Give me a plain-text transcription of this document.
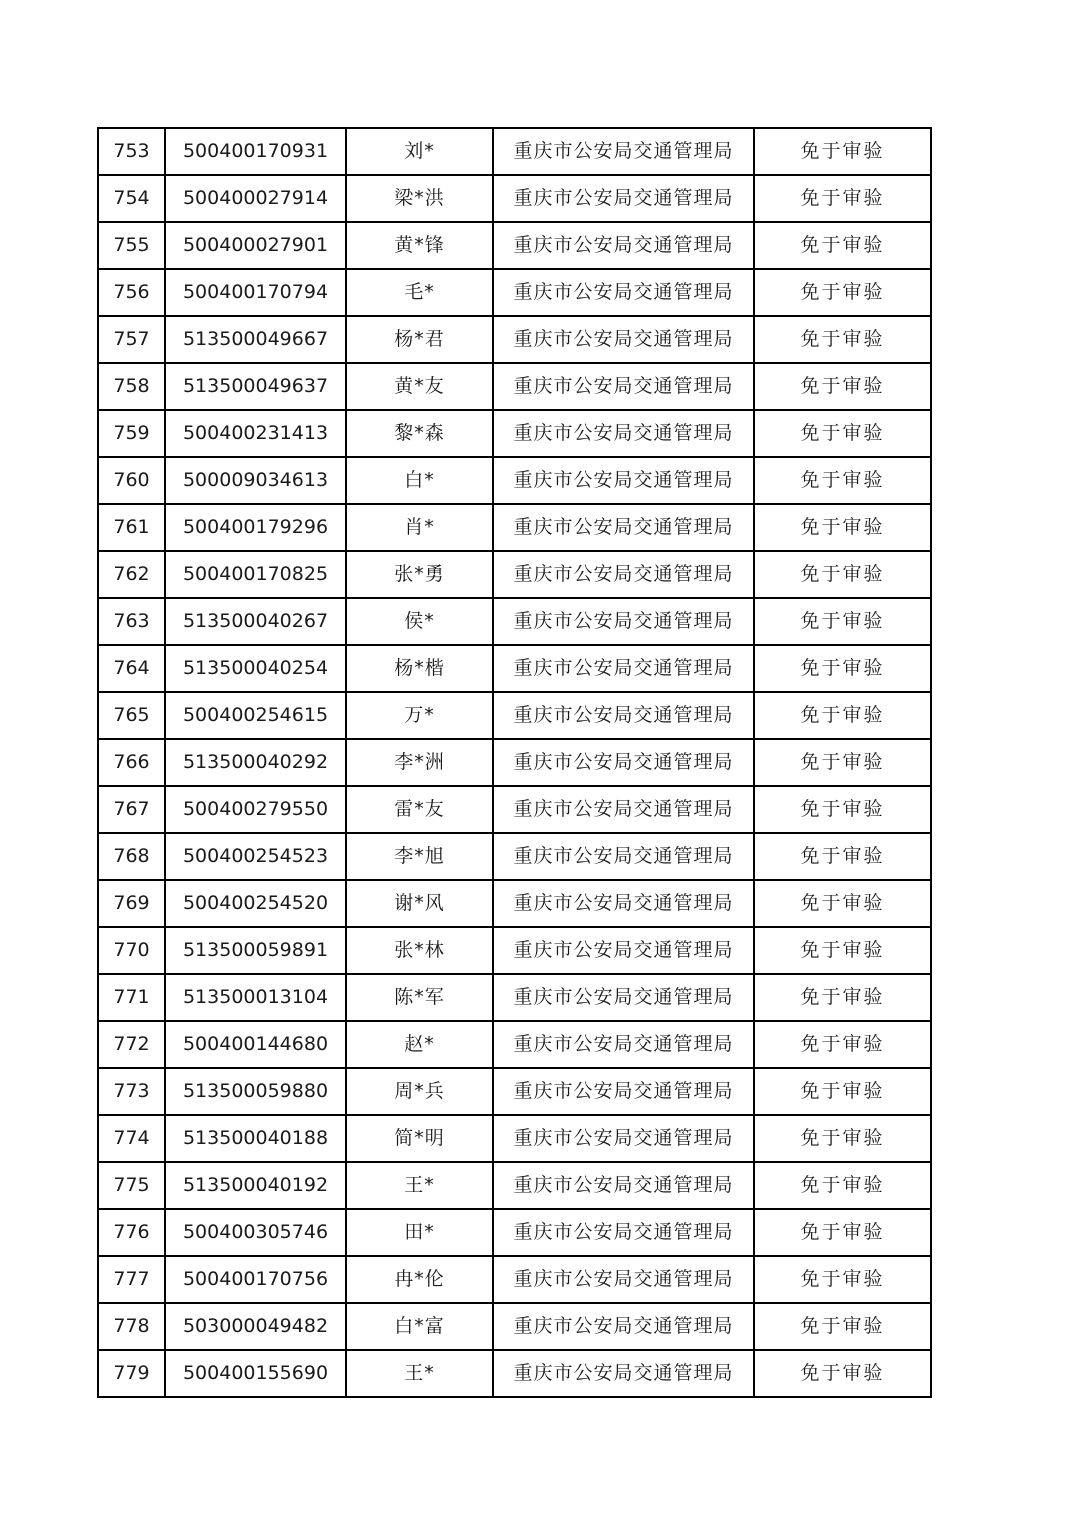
753	500400170931	刘*	重庆市公安局交通管理局	免于审验
754	500400027914	梁*洪	重庆市公安局交通管理局	免于审验
755	500400027901	黄*锋	重庆市公安局交通管理局	免于审验
756	500400170794	毛*	重庆市公安局交通管理局	免于审验
757	513500049667	杨*君	重庆市公安局交通管理局	免于审验
758	513500049637	黄*友	重庆市公安局交通管理局	免于审验
759	500400231413	黎*森	重庆市公安局交通管理局	免于审验
760	500009034613	白*	重庆市公安局交通管理局	免于审验
761	500400179296	肖*	重庆市公安局交通管理局	免于审验
762	500400170825	张*勇	重庆市公安局交通管理局	免于审验
763	513500040267	侯*	重庆市公安局交通管理局	免于审验
764	513500040254	杨*楷	重庆市公安局交通管理局	免于审验
765	500400254615	万*	重庆市公安局交通管理局	免于审验
766	513500040292	李*洲	重庆市公安局交通管理局	免于审验
767	500400279550	雷*友	重庆市公安局交通管理局	免于审验
768	500400254523	李*旭	重庆市公安局交通管理局	免于审验
769	500400254520	谢*风	重庆市公安局交通管理局	免于审验
770	513500059891	张*林	重庆市公安局交通管理局	免于审验
771	513500013104	陈*军	重庆市公安局交通管理局	免于审验
772	500400144680	赵*	重庆市公安局交通管理局	免于审验
773	513500059880	周*兵	重庆市公安局交通管理局	免于审验
774	513500040188	简*明	重庆市公安局交通管理局	免于审验
775	513500040192	王*	重庆市公安局交通管理局	免于审验
776	500400305746	田*	重庆市公安局交通管理局	免于审验
777	500400170756	冉*伦	重庆市公安局交通管理局	免于审验
778	503000049482	白*富	重庆市公安局交通管理局	免于审验
779	500400155690	王*	重庆市公安局交通管理局	免于审验
